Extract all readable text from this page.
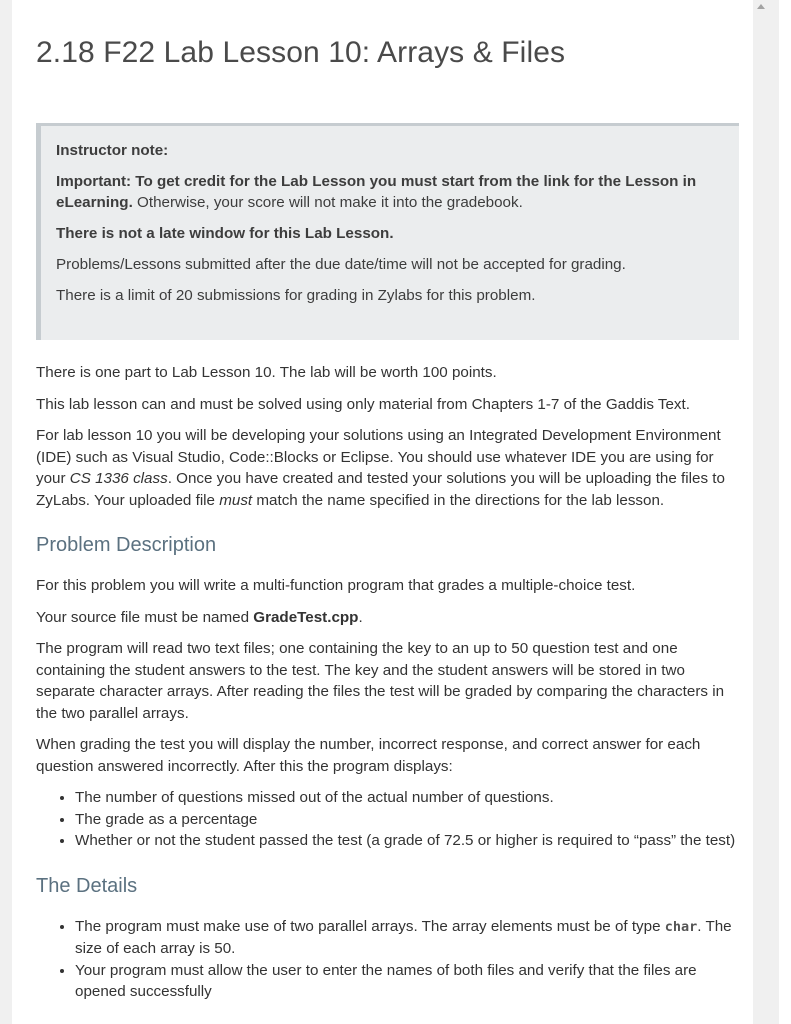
2.18 F22 Lab Lesson 10: Arrays & Files

Instructor note:

Important: To get credit for the Lab Lesson you must start from the link for the Lesson in eLearning. Otherwise, your score will not make it into the gradebook.

There is not a late window for this Lab Lesson.

Problems/Lessons submitted after the due date/time will not be accepted for grading.

There is a limit of 20 submissions for grading in Zylabs for this problem.

There is one part to Lab Lesson 10. The lab will be worth 100 points.

This lab lesson can and must be solved using only material from Chapters 1-7 of the Gaddis Text.

For lab lesson 10 you will be developing your solutions using an Integrated Development Environment (IDE) such as Visual Studio, Code::Blocks or Eclipse. You should use whatever IDE you are using for your CS 1336 class. Once you have created and tested your solutions you will be uploading the files to ZyLabs. Your uploaded file must match the name specified in the directions for the lab lesson.

Problem Description

For this problem you will write a multi-function program that grades a multiple-choice test.

Your source file must be named GradeTest.cpp.

The program will read two text files; one containing the key to an up to 50 question test and one containing the student answers to the test. The key and the student answers will be stored in two separate character arrays. After reading the files the test will be graded by comparing the characters in the two parallel arrays.

When grading the test you will display the number, incorrect response, and correct answer for each question answered incorrectly. After this the program displays:

• The number of questions missed out of the actual number of questions.
• The grade as a percentage
• Whether or not the student passed the test (a grade of 72.5 or higher is required to “pass” the test)
The Details
• The program must make use of two parallel arrays. The array elements must be of type char. The size of each array is 50.
• Your program must allow the user to enter the names of both files and verify that the files are opened successfully
